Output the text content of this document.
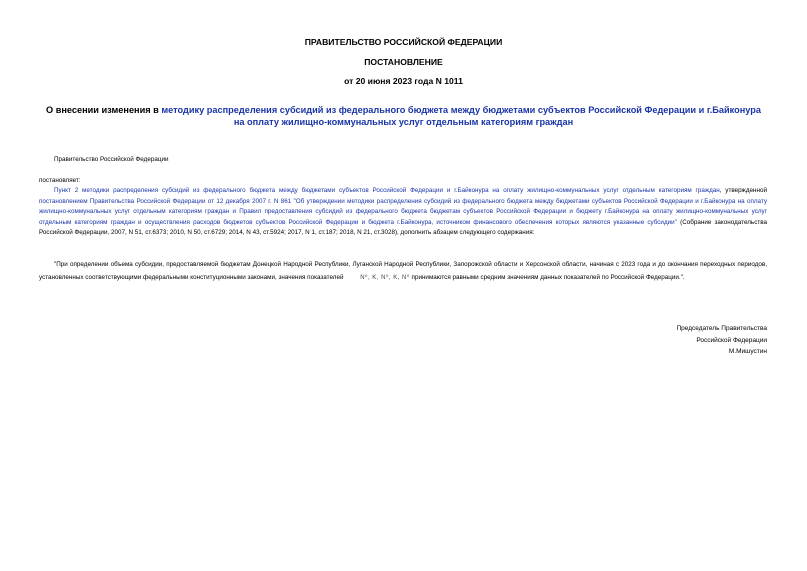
ПРАВИТЕЛЬСТВО РОССИЙСКОЙ ФЕДЕРАЦИИ
ПОСТАНОВЛЕНИЕ
от 20 июня 2023 года N 1011
О внесении изменения в методику распределения субсидий из федерального бюджета между бюджетами субъектов Российской Федерации и г.Байконура на оплату жилищно-коммунальных услуг отдельным категориям граждан
Правительство Российской Федерации
постановляет:
Пункт 2 методики распределения субсидий из федерального бюджета между бюджетами субъектов Российской Федерации и г.Байконура на оплату жилищно-коммунальных услуг отдельным категориям граждан, утвержденной постановлением Правительства Российской Федерации от 12 декабря 2007 г. N 861 "Об утверждении методики распределения субсидий из федерального бюджета между бюджетами субъектов Российской Федерации и г.Байконура на оплату жилищно-коммунальных услуг отдельным категориям граждан и Правил предоставления субсидий из федерального бюджета бюджетам субъектов Российской Федерации и бюджету г.Байконура на оплату жилищно-коммунальных услуг отдельным категориям граждан и осуществления расходов бюджетов субъектов Российской Федерации и бюджета г.Байконура, источником финансового обеспечения которых являются указанные субсидии" (Собрание законодательства Российской Федерации, 2007, N 51, ст.6373; 2010, N 50, ст.6729; 2014, N 43, ст.5924; 2017, N 1, ст.187; 2018, N 21, ст.3028), дополнить абзацем следующего содержания:
"При определении объема субсидии, предоставляемой бюджетам Донецкой Народной Республики, Луганской Народной Республики, Запорожской области и Херсонской области, начиная с 2023 года и до окончания переходных периодов, установленных соответствующими федеральными конституционными законами, значения показателей	N⁰, K, N⁰, K, N⁰ принимаются равными средним значениям данных показателей по Российской Федерации.".
Председатель Правительства
Российской Федерации
М.Мишустин
